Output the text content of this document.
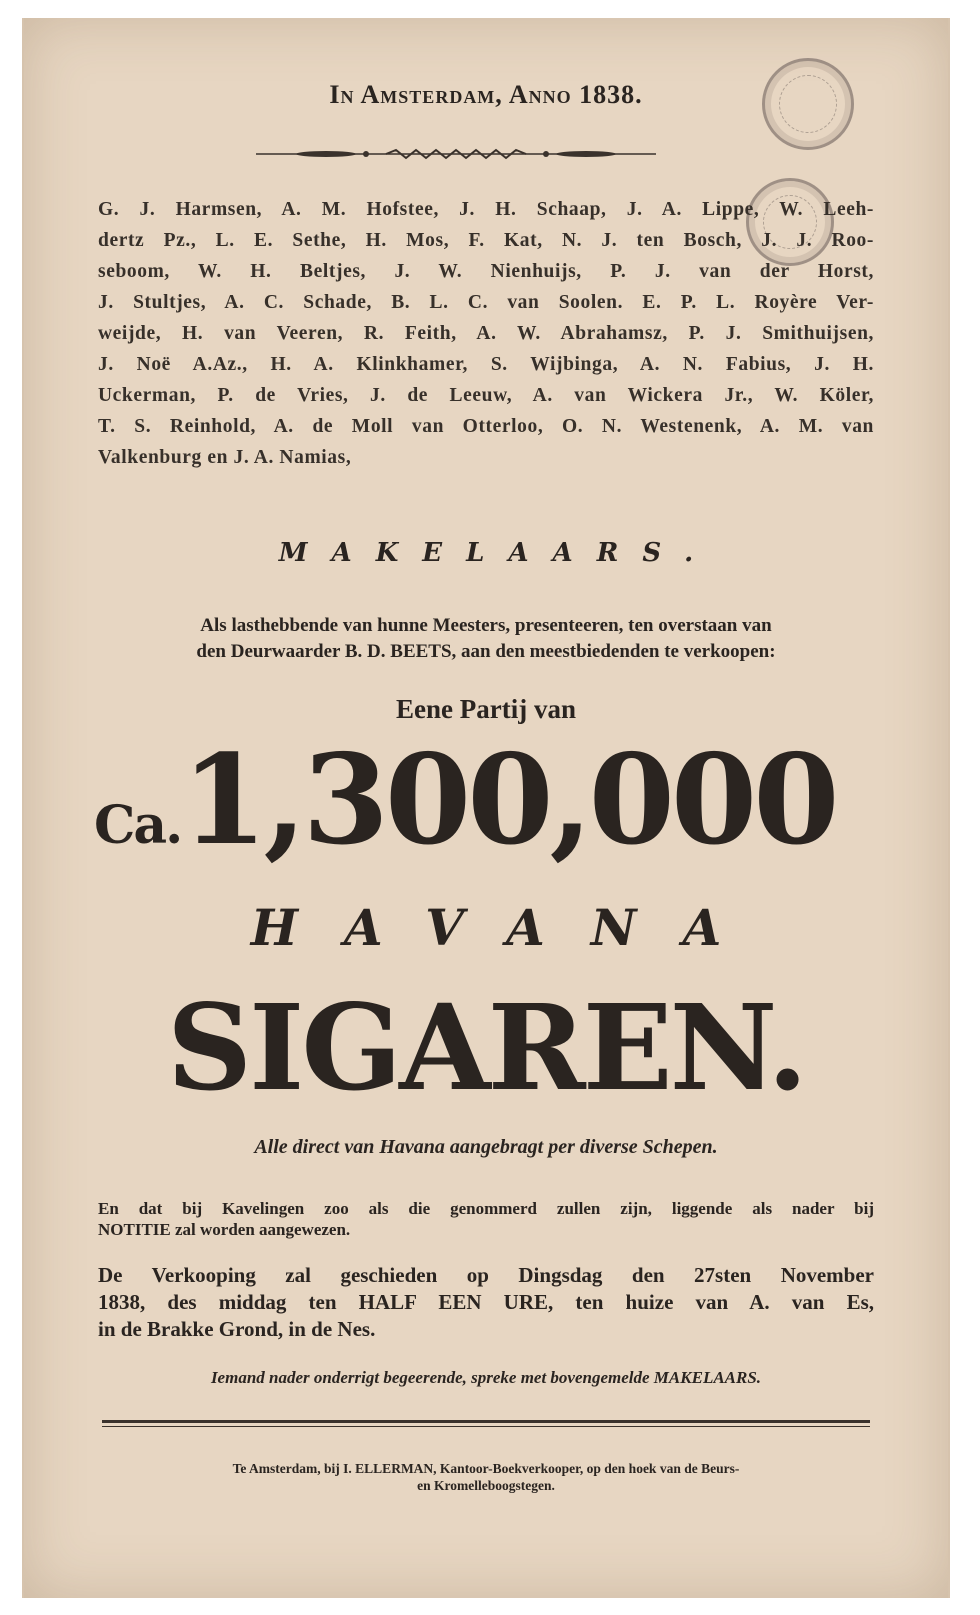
In Amsterdam, Anno 1838.
G. J. Harmsen, A. M. Hofstee, J. H. Schaap, J. A. Lippe, W. Leeh-
dertz Pz., L. E. Sethe, H. Mos, F. Kat, N. J. ten Bosch, J. J. Roo-
seboom, W. H. Beltjes, J. W. Nienhuijs, P. J. van der Horst,
J. Stultjes, A. C. Schade, B. L. C. van Soolen. E. P. L. Royère Ver-
weijde, H. van Veeren, R. Feith, A. W. Abrahamsz, P. J. Smithuijsen,
J. Noë A.Az., H. A. Klinkhamer, S. Wijbinga, A. N. Fabius, J. H.
Uckerman, P. de Vries, J. de Leeuw, A. van Wickera Jr., W. Köler,
T. S. Reinhold, A. de Moll van Otterloo, O. N. Westenenk, A. M. van
Valkenburg en J. A. Namias,
MAKELAARS.
Als lasthebbende van hunne Meesters, presenteeren, ten overstaan van
den Deurwaarder B. D. BEETS, aan den meestbiedenden te verkoopen:
Eene Partij van
Ca.1,300,000
HAVANA
SIGAREN.
Alle direct van Havana aangebragt per diverse Schepen.
En dat bij Kavelingen zoo als die genommerd zullen zijn, liggende als nader bij
NOTITIE zal worden aangewezen.
De Verkooping zal geschieden op Dingsdag den 27sten November
1838, des middag ten HALF EEN URE, ten huize van A. van Es,
in de Brakke Grond, in de Nes.
Iemand nader onderrigt begeerende, spreke met bovengemelde MAKELAARS.
Te Amsterdam, bij I. ELLERMAN, Kantoor-Boekverkooper, op den hoek van de Beurs-
en Kromelleboogstegen.
